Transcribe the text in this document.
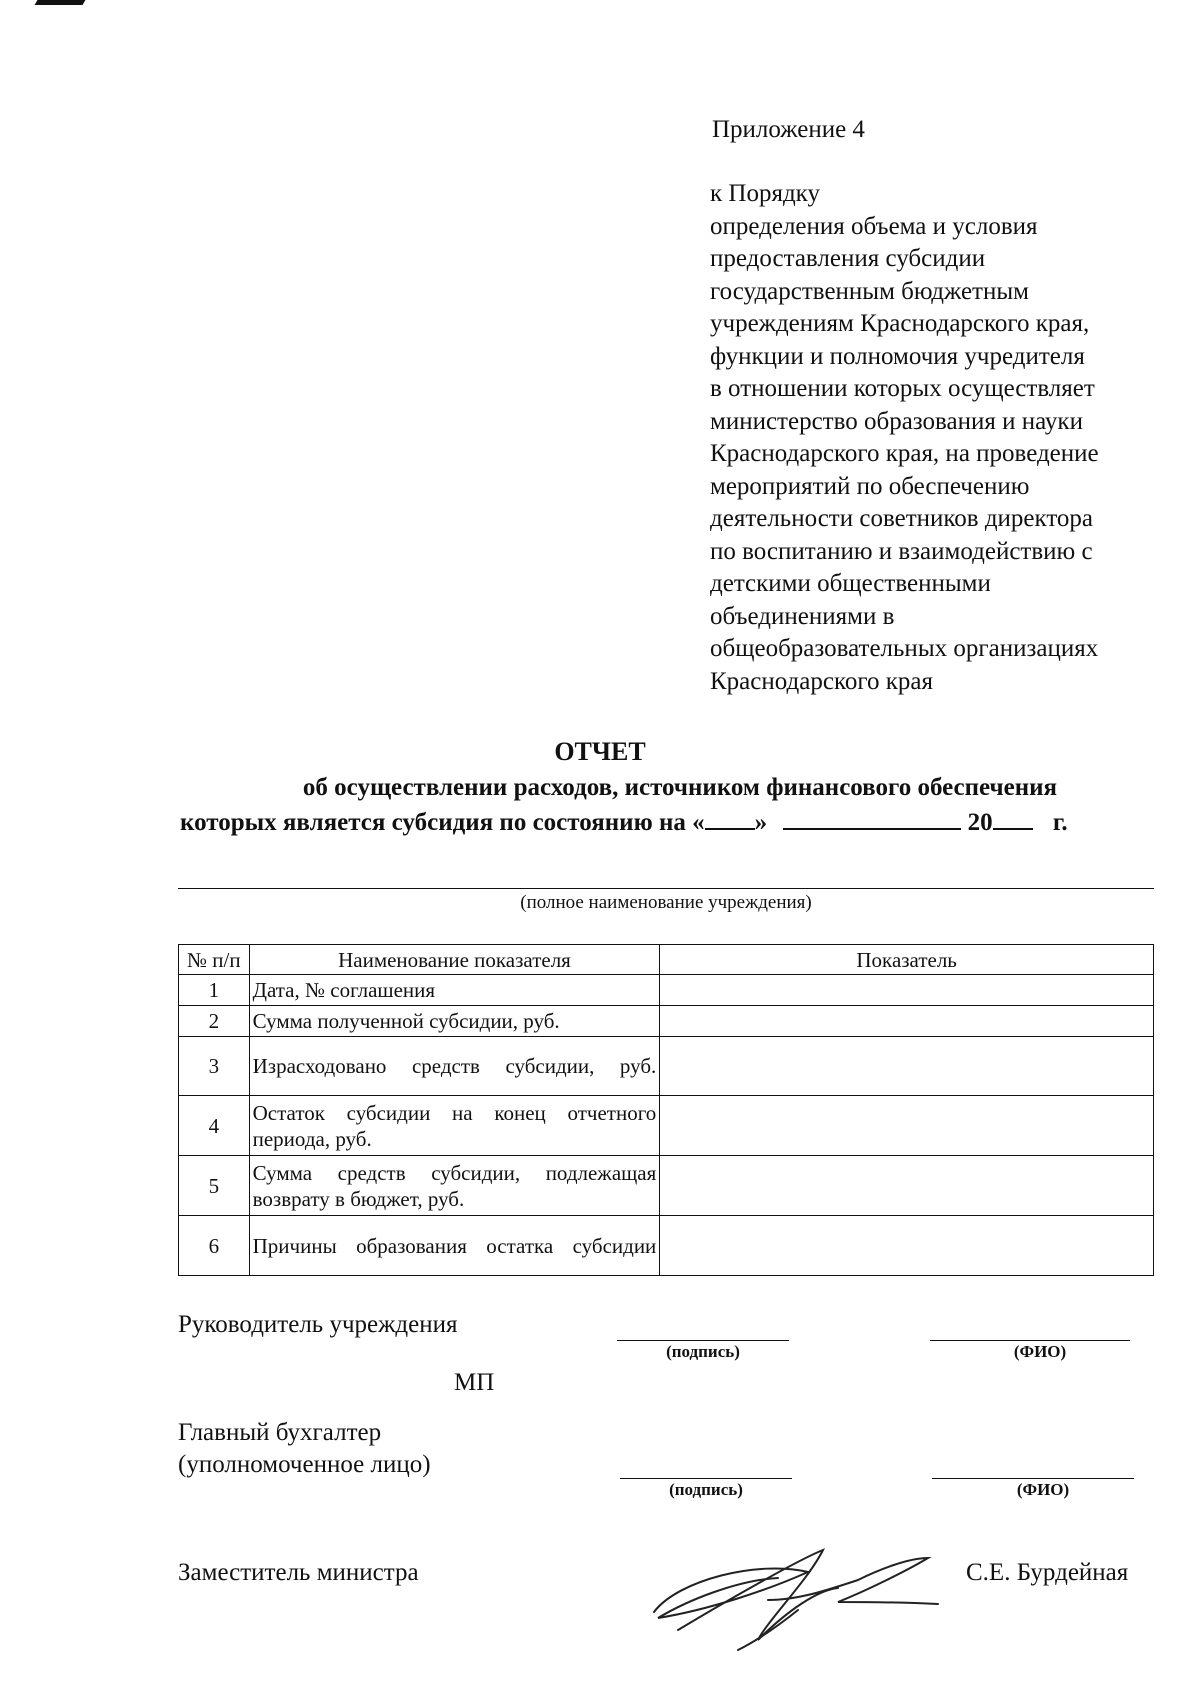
Приложение 4
к Порядку
определения объема и условия
предоставления субсидии
государственным бюджетным
учреждениям Краснодарского края,
функции и полномочия учредителя
в отношении которых осуществляет
министерство образования и науки
Краснодарского края, на проведение
мероприятий по обеспечению
деятельности советников директора
по воспитанию и взаимодействию с
детскими общественными
объединениями в
общеобразовательных организациях
Краснодарского края
ОТЧЕТ
об осуществлении расходов, источником финансового обеспечения
которых является субсидия по состоянию на « »	20 г.
(полное наименование учреждения)
№ п/п	Наименование показателя	Показатель
1	Дата, № соглашения	
2	Сумма полученной субсидии, руб.	
3	Израсходовано средств субсидии, руб.	
4	Остаток субсидии на конец отчетного периода, руб.	
5	Сумма средств субсидии, подлежащая возврату в бюджет, руб.	
6	Причины образования остатка субсидии	
Руководитель учреждения
(подпись)	(ФИО)
МП
Главный бухгалтер
(уполномоченное лицо)
(подпись)	(ФИО)
Заместитель министра	С.Е. Бурдейная
